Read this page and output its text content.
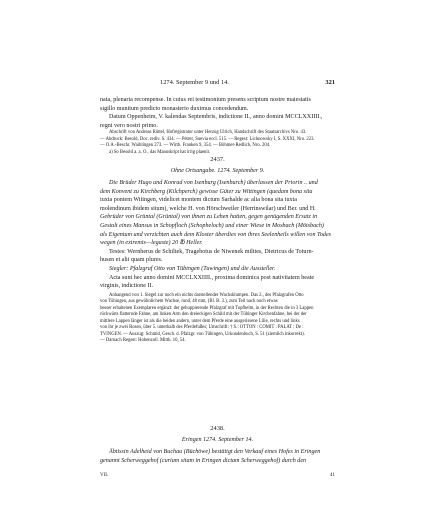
1274. September 9 und 14.	321

nata, plenaria recompense. In cuius rei testimonium presens scriptum nostre maiestatis

sigillo munitum predicto monasterio duximus concedendum.

Datum Oppenheim, V. kalendas Septembris, indictione II., anno domini MCCLXXIIII.,

regni vero nostri primo.

Abschrift von Andreas Rüttel, Hofregistrator unter Herzog Ulrich, Handschrift des Staatsarchivs Nro. 43.

— Abdruck: Besold, Doc. rediv. S. 434. — Pétrer, Suevia eccl. 515. — Regest: Lichnowsky I, S. XXXI, Nro. 223.

— O.A.-Beschr. Waiblingen 273. — Wirtb. Franken 9, 354. — Böhmer-Redlich, Nro. 204.

a) So Besold a. a. O., das Manuskript hat irrig plaenir.

2437.

Ohne Ortsangabe. 1274. September 9.

Die Brüder Hugo und Konrad von Isenburg (Isenburch) überlassen der Priorin .. und

dem Konvent zu Kirchberg (Kilchperch) gewisse Güter zu Wittingen (quedam bona sita

iuxta pontem Witingen, videlicet montem dictum Sarhalde ac alia bona sita iuxta

molendinum ibidem situm), welche H. von Hörschweiler (Herrinswilar) und Ber. und H.

Gebrüder von Grüntal (Grüntal) von ihnen zu Lehen hatten, gegen genügenden Ersatz in

Gestalt eines Mansus in Schopfloch (Schopheloch) und einer Wiese in Mosbach (Mötsbach)

als Eigentum und verzichten auch dem Kloster überdies von ihres Seelenheils willen von Todes

wegen (in extremis—legaste) 20 ℔ Heller.

Testes: Wernherus de Schiltek, Tragebotus de Niwenek milites, Dietricus de Toturn-

husen et alii quam plures.

Siegler: Pfalzgraf Otto von Tübingen (Tuwingen) und die Aussteller.

Acta sunt hec anno domini MCCLXXIIII., proxima dominica post nativitatem beate

virginis, indictione II.

Anhangend von 1. Siegel zur noch ein nichts darstellender Wachsklumpen. Das 2., des Pfalzgrafen Otto

von Tübingen, aus gewöhnlichem Wachse, rund, 48 mm, (Bl. B. 3.), zum Teil nach noch etwas

besser erhaltenen Exemplaren ergänzt: der gehuppierende Pfalzgraf mit Topfhelm, in der Rechten die in 3 Lappen

rückwärts flatternde Fahne, am linken Arm den dreieckigen Schild mit der Tübinger Kirchenfahne, bei der der

mittlere Lappen länger ist als die beiden andern, unter dem Pferde eine ausgerissene Lilie, rechts und links

von ihr je zwei Rosen, über 5. unterhalb des Pferdefußes; Umschrift: † S.: OTTON : COMIT : PALAT : De :

TVINGEN. — Auszug: Schmid, Gesch. d. Pfalzgr. von Tübingen, Urkundenbuch, S. 51 (ziemlich inkorrekt).

— Darnach Regest: Hohenzoll. Mitth. 10, 54.

2438.

Eringen 1274. September 14.

Äbtissin Adelheid von Buchau (Büchöwe) bestätigt den Verkauf eines Hofes in Eringen

genannt Scherweggehof (curiam sitam in Eringen dictam Scherweggehof) durch den

VII.	41
